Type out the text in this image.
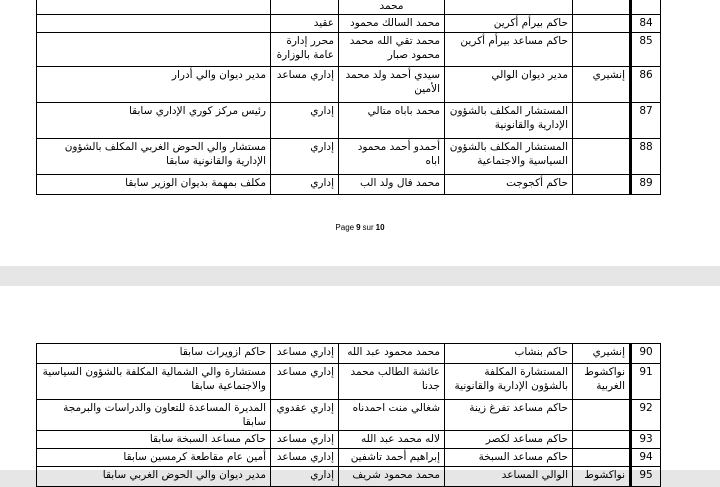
			محمد		
84		حاكم بيرأم أكرين	محمد السالك محمود	عقيد	
85		حاكم مساعد بيرأم أكرين	محمد تقي الله محمد محمود صبار	محرر إدارة عامة بالوزارة	
86	إنشيري	مدير ديوان الوالي	سيدي أحمد ولد محمد الأمين	إداري مساعد	مدير ديوان والي أدرار
87		المستشار المكلف بالشؤون الإدارية والقانونية	محمد باباه متالي	إداري	رئيس مركز كوري الإداري سابقا
88		المستشار المكلف بالشؤون السياسية والاجتماعية	أحمدو أحمد محمود اباه	إداري	مستشار والي الحوض الغربي المكلف بالشؤون الإدارية والقانونية سابقا
89		حاكم أكجوجت	محمد فال ولد الب	إداري	مكلف بمهمة بديوان الوزير سابقا
Page 9 sur 10
90	إنشيري	حاكم بنشاب	محمد محمود عبد الله	إداري مساعد	حاكم ازويرات سابقا
91	نواكشوط الغربية	المستشارة المكلفة بالشؤون الإدارية والقانونية	عائشة الطالب محمد جدنا	إداري مساعد	مستشارة والي الشمالية المكلفة بالشؤون السياسية والاجتماعية سابقا
92		حاكم مساعد تفرغ زينة	شغالي منت احمدناه	إداري عقدوي	المديرة المساعدة للتعاون والدراسات والبرمجة سابقا
93		حاكم مساعد لكصر	لاله محمد عبد الله	إداري مساعد	حاكم مساعد السبخة سابقا
94		حاكم مساعد السبخة	إبراهيم أحمد تاشفين	إداري مساعد	أمين عام مقاطعة كرمسين سابقا
95	نواكشوط	الوالي المساعد	محمد محمود شريف	إداري	مدير ديوان والي الحوض الغربي سابقا
